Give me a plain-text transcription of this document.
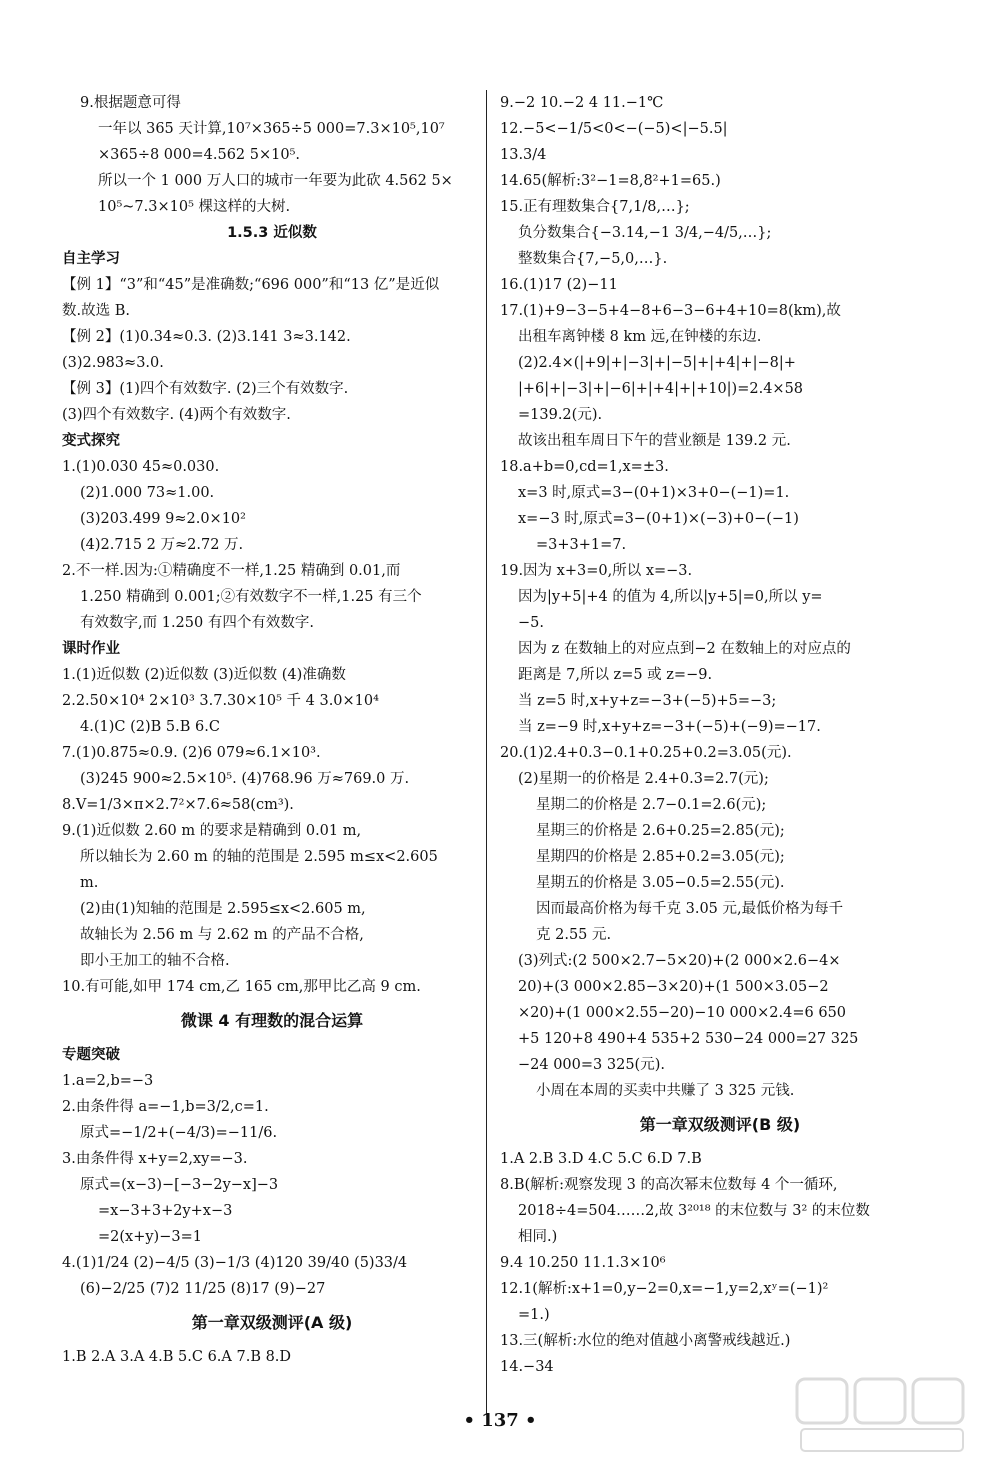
9.根据题意可得
一年以 365 天计算,10⁷×365÷5 000=7.3×10⁵,10⁷
×365÷8 000=4.562 5×10⁵.
所以一个 1 000 万人口的城市一年要为此砍 4.562 5×
10⁵~7.3×10⁵ 棵这样的大树.
1.5.3 近似数
自主学习
【例 1】“3”和“45”是准确数;“696 000”和“13 亿”是近似
数.故选 B.
【例 2】(1)0.34≈0.3. (2)3.141 3≈3.142.
(3)2.983≈3.0.
【例 3】(1)四个有效数字. (2)三个有效数字.
(3)四个有效数字. (4)两个有效数字.
变式探究
1.(1)0.030 45≈0.030.
(2)1.000 73≈1.00.
(3)203.499 9≈2.0×10²
(4)2.715 2 万≈2.72 万.
2.不一样.因为:①精确度不一样,1.25 精确到 0.01,而
1.250 精确到 0.001;②有效数字不一样,1.25 有三个
有效数字,而 1.250 有四个有效数字.
课时作业
1.(1)近似数 (2)近似数 (3)近似数 (4)准确数
2.2.50×10⁴ 2×10³ 3.7.30×10⁵ 千 4 3.0×10⁴
4.(1)C (2)B 5.B 6.C
7.(1)0.875≈0.9. (2)6 079≈6.1×10³.
(3)245 900≈2.5×10⁵. (4)768.96 万≈769.0 万.
8.V=1/3×π×2.7²×7.6≈58(cm³).
9.(1)近似数 2.60 m 的要求是精确到 0.01 m,
所以轴长为 2.60 m 的轴的范围是 2.595 m≤x<2.605
m.
(2)由(1)知轴的范围是 2.595≤x<2.605 m,
故轴长为 2.56 m 与 2.62 m 的产品不合格,
即小王加工的轴不合格.
10.有可能,如甲 174 cm,乙 165 cm,那甲比乙高 9 cm.
微课 4 有理数的混合运算
专题突破
1.a=2,b=−3
2.由条件得 a=−1,b=3/2,c=1.
原式=−1/2+(−4/3)=−11/6.
3.由条件得 x+y=2,xy=−3.
原式=(x−3)−[−3−2y−x]−3
=x−3+3+2y+x−3
=2(x+y)−3=1
4.(1)1/24 (2)−4/5 (3)−1/3 (4)120 39/40 (5)33/4
(6)−2/25 (7)2 11/25 (8)17 (9)−27
第一章双级测评(A 级)
1.B 2.A 3.A 4.B 5.C 6.A 7.B 8.D
9.−2 10.−2 4 11.−1℃
12.−5<−1/5<0<−(−5)<|−5.5|
13.3/4
14.65(解析:3²−1=8,8²+1=65.)
15.正有理数集合{7,1/8,…};
负分数集合{−3.14,−1 3/4,−4/5,…};
整数集合{7,−5,0,…}.
16.(1)17 (2)−11
17.(1)+9−3−5+4−8+6−3−6+4+10=8(km),故
出租车离钟楼 8 km 远,在钟楼的东边.
(2)2.4×(|+9|+|−3|+|−5|+|+4|+|−8|+
|+6|+|−3|+|−6|+|+4|+|+10|)=2.4×58
=139.2(元).
故该出租车周日下午的营业额是 139.2 元.
18.a+b=0,cd=1,x=±3.
x=3 时,原式=3−(0+1)×3+0−(−1)=1.
x=−3 时,原式=3−(0+1)×(−3)+0−(−1)
=3+3+1=7.
19.因为 x+3=0,所以 x=−3.
因为|y+5|+4 的值为 4,所以|y+5|=0,所以 y=
−5.
因为 z 在数轴上的对应点到−2 在数轴上的对应点的
距离是 7,所以 z=5 或 z=−9.
当 z=5 时,x+y+z=−3+(−5)+5=−3;
当 z=−9 时,x+y+z=−3+(−5)+(−9)=−17.
20.(1)2.4+0.3−0.1+0.25+0.2=3.05(元).
(2)星期一的价格是 2.4+0.3=2.7(元);
星期二的价格是 2.7−0.1=2.6(元);
星期三的价格是 2.6+0.25=2.85(元);
星期四的价格是 2.85+0.2=3.05(元);
星期五的价格是 3.05−0.5=2.55(元).
因而最高价格为每千克 3.05 元,最低价格为每千
克 2.55 元.
(3)列式:(2 500×2.7−5×20)+(2 000×2.6−4×
20)+(3 000×2.85−3×20)+(1 500×3.05−2
×20)+(1 000×2.55−20)−10 000×2.4=6 650
+5 120+8 490+4 535+2 530−24 000=27 325
−24 000=3 325(元).
小周在本周的买卖中共赚了 3 325 元钱.
第一章双级测评(B 级)
1.A 2.B 3.D 4.C 5.C 6.D 7.B
8.B(解析:观察发现 3 的高次幂末位数每 4 个一循环,
2018÷4=504……2,故 3²⁰¹⁸ 的末位数与 3² 的末位数
相同.)
9.4 10.250 11.1.3×10⁶
12.1(解析:x+1=0,y−2=0,x=−1,y=2,xʸ=(−1)²
=1.)
13.三(解析:水位的绝对值越小离警戒线越近.)
14.−34
• 137 •
